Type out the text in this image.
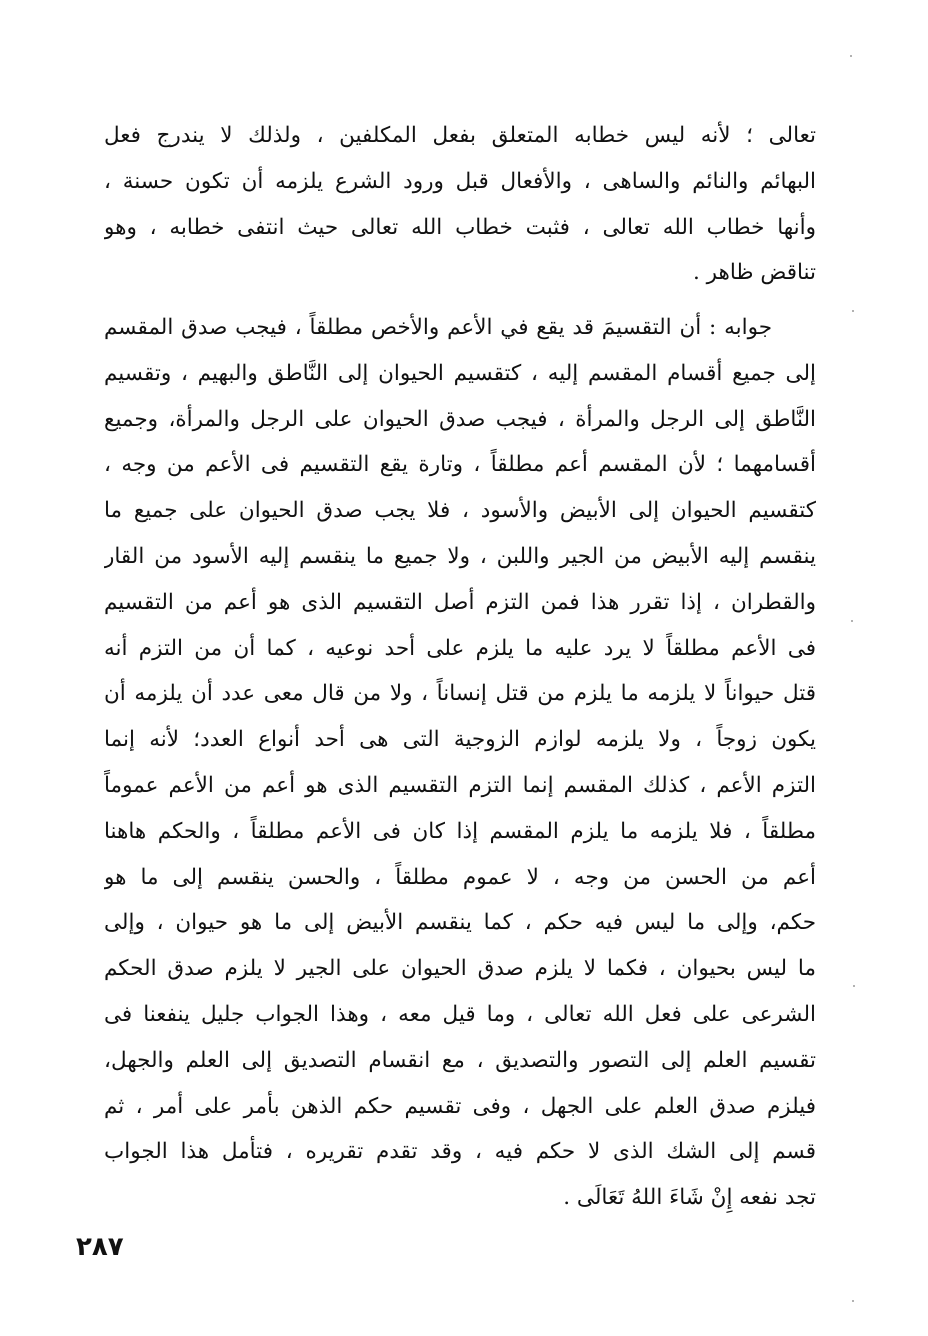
تعالى ؛ لأنه ليس خطابه المتعلق بفعل المكلفين ، ولذلك لا يندرج فعل
البهائم والنائم والساهى ، والأفعال قبل ورود الشرع يلزمه أن تكون حسنة ،
وأنها خطاب الله تعالى ، فثبت خطاب الله تعالى حيث انتفى خطابه ، وهو
تناقض ظاهر .
جوابه : أن التقسيمَ قد يقع في الأعم والأخص مطلقاً ، فيجب صدق المقسم
إلى جميع أقسام المقسم إليه ، كتقسيم الحيوان إلى النَّاطق والبهيم ، وتقسيم
النَّاطق إلى الرجل والمرأة ، فيجب صدق الحيوان على الرجل والمرأة، وجميع
أقسامهما ؛ لأن المقسم أعم مطلقاً ، وتارة يقع التقسيم فى الأعم من وجه ،
كتقسيم الحيوان إلى الأبيض والأسود ، فلا يجب صدق الحيوان على جميع ما
ينقسم إليه الأبيض من الجير واللبن ، ولا جميع ما ينقسم إليه الأسود من القار
والقطران ، إذا تقرر هذا فمن التزم أصل التقسيم الذى هو أعم من التقسيم
فى الأعم مطلقاً لا يرد عليه ما يلزم على أحد نوعيه ، كما أن من التزم أنه
قتل حيواناً لا يلزمه ما يلزم من قتل إنساناً ، ولا من قال معى عدد أن يلزمه أن
يكون زوجاً ، ولا يلزمه لوازم الزوجية التى هى أحد أنواع العدد؛ لأنه إنما
التزم الأعم ، كذلك المقسم إنما التزم التقسيم الذى هو أعم من الأعم عموماً
مطلقاً ، فلا يلزمه ما يلزم المقسم إذا كان فى الأعم مطلقاً ، والحكم هاهنا
أعم من الحسن من وجه ، لا عموم مطلقاً ، والحسن ينقسم إلى ما هو
حكم، وإلى ما ليس فيه حكم ، كما ينقسم الأبيض إلى ما هو حيوان ، وإلى
ما ليس بحيوان ، فكما لا يلزم صدق الحيوان على الجير لا يلزم صدق الحكم
الشرعى على فعل الله تعالى ، وما قيل معه ، وهذا الجواب جليل ينفعنا فى
تقسيم العلم إلى التصور والتصديق ، مع انقسام التصديق إلى العلم والجهل،
فيلزم صدق العلم على الجهل ، وفى تقسيم حكم الذهن بأمر على أمر ، ثم
قسم إلى الشك الذى لا حكم فيه ، وقد تقدم تقريره ، فتأمل هذا الجواب
تجد نفعه إِنْ شَاءَ اللهُ تَعَالَى .
٢٨٧
